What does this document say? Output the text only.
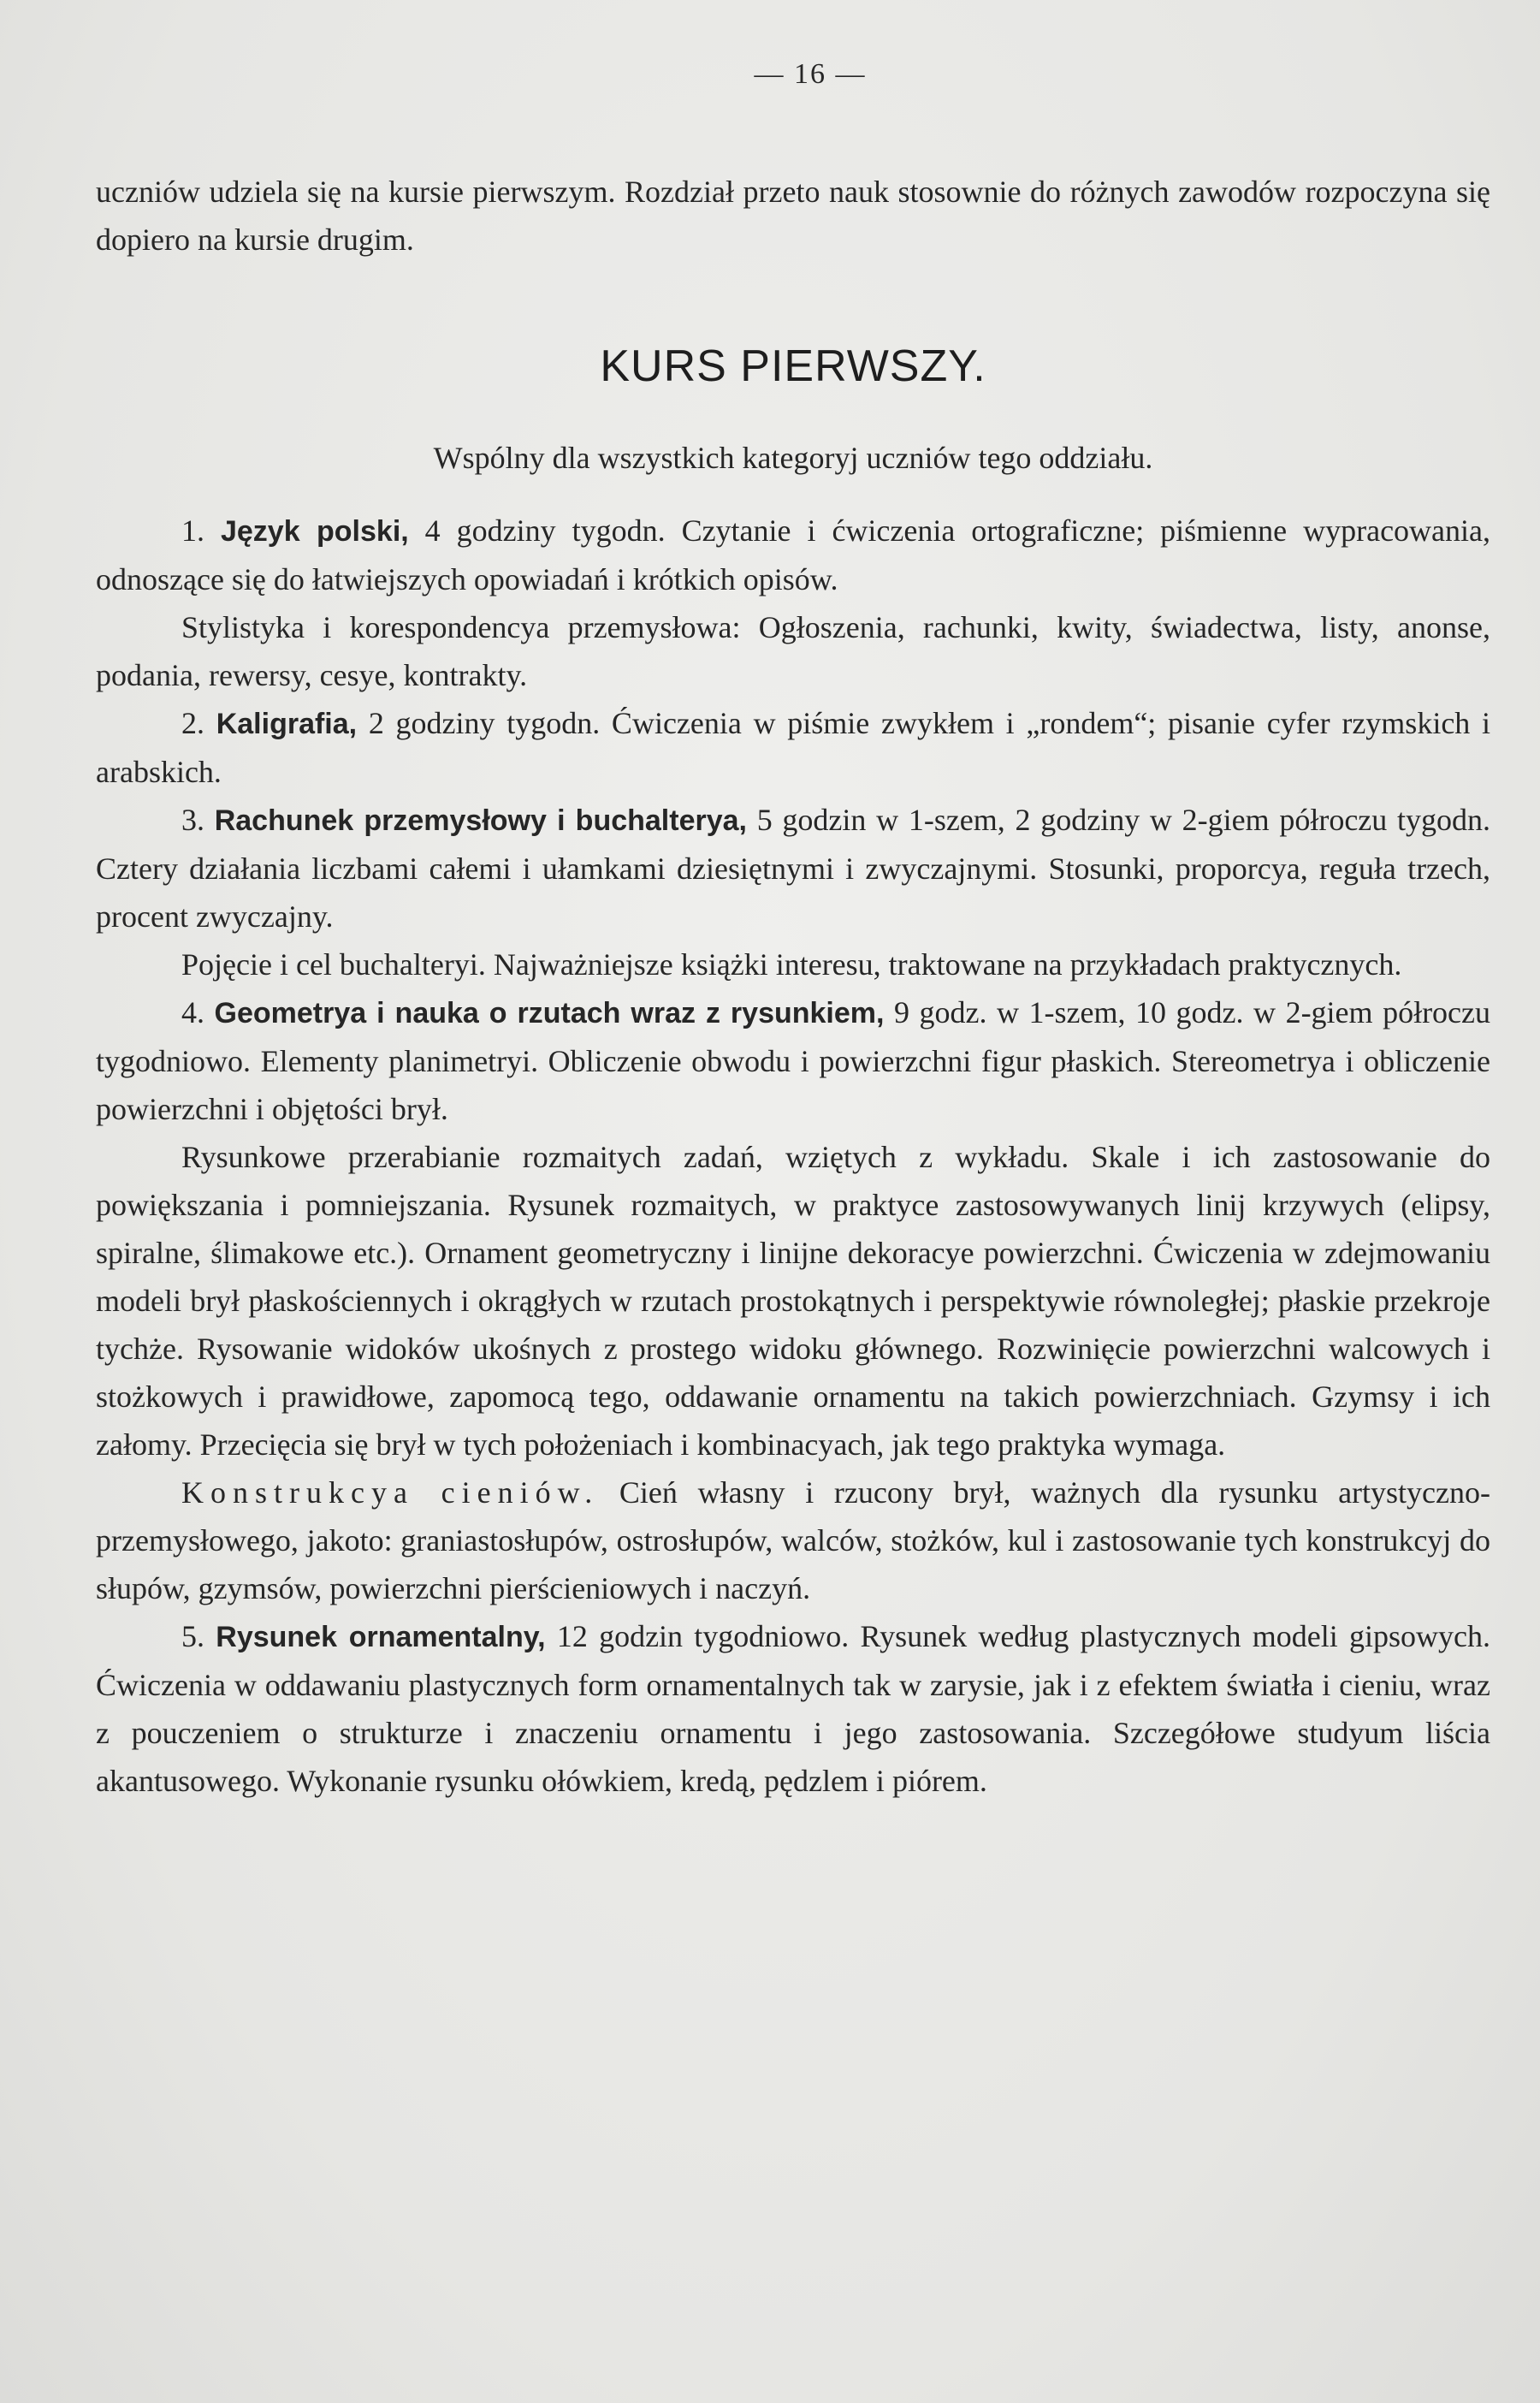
— 16 —

uczniów udziela się na kursie pierwszym. Rozdział przeto nauk stosownie do różnych zawodów rozpoczyna się dopiero na kursie drugim.

KURS PIERWSZY.
Wspólny dla wszystkich kategoryj uczniów tego oddziału.

1. Język polski, 4 godziny tygodn. Czytanie i ćwiczenia ortograficzne; piśmienne wypracowania, odnoszące się do łatwiejszych opowiadań i krótkich opisów.

Stylistyka i korespondencya przemysłowa: Ogłoszenia, rachunki, kwity, świadectwa, listy, anonse, podania, rewersy, cesye, kontrakty.

2. Kaligrafia, 2 godziny tygodn. Ćwiczenia w piśmie zwykłem i „rondem“; pisanie cyfer rzymskich i arabskich.

3. Rachunek przemysłowy i buchalterya, 5 godzin w 1-szem, 2 godziny w 2-giem półroczu tygodn. Cztery działania liczbami całemi i ułamkami dziesiętnymi i zwyczajnymi. Stosunki, proporcya, reguła trzech, procent zwyczajny.

Pojęcie i cel buchalteryi. Najważniejsze książki interesu, traktowane na przykładach praktycznych.

4. Geometrya i nauka o rzutach wraz z rysunkiem, 9 godz. w 1-szem, 10 godz. w 2-giem półroczu tygodniowo. Elementy planimetryi. Obliczenie obwodu i powierzchni figur płaskich. Stereometrya i obliczenie powierzchni i objętości brył.

Rysunkowe przerabianie rozmaitych zadań, wziętych z wykładu. Skale i ich zastosowanie do powiększania i pomniejszania. Rysunek rozmaitych, w praktyce zastosowywanych linij krzywych (elipsy, spiralne, ślimakowe etc.). Ornament geometryczny i linijne dekoracye powierzchni. Ćwiczenia w zdejmowaniu modeli brył płaskościennych i okrągłych w rzutach prostokątnych i perspektywie równoległej; płaskie przekroje tychże. Rysowanie widoków ukośnych z prostego widoku głównego. Rozwinięcie powierzchni walcowych i stożkowych i prawidłowe, zapomocą tego, oddawanie ornamentu na takich powierzchniach. Gzymsy i ich załomy. Przecięcia się brył w tych położeniach i kombinacyach, jak tego praktyka wymaga.

Konstrukcya cieniów. Cień własny i rzucony brył, ważnych dla rysunku artystyczno-przemysłowego, jakoto: graniastosłupów, ostrosłupów, walców, stożków, kul i zastosowanie tych konstrukcyj do słupów, gzymsów, powierzchni pierścieniowych i naczyń.

5. Rysunek ornamentalny, 12 godzin tygodniowo. Rysunek według plastycznych modeli gipsowych. Ćwiczenia w oddawaniu plastycznych form ornamentalnych tak w zarysie, jak i z efektem światła i cieniu, wraz z pouczeniem o strukturze i znaczeniu ornamentu i jego zastosowania. Szczegółowe studyum liścia akantusowego. Wykonanie rysunku ołówkiem, kredą, pędzlem i piórem.
